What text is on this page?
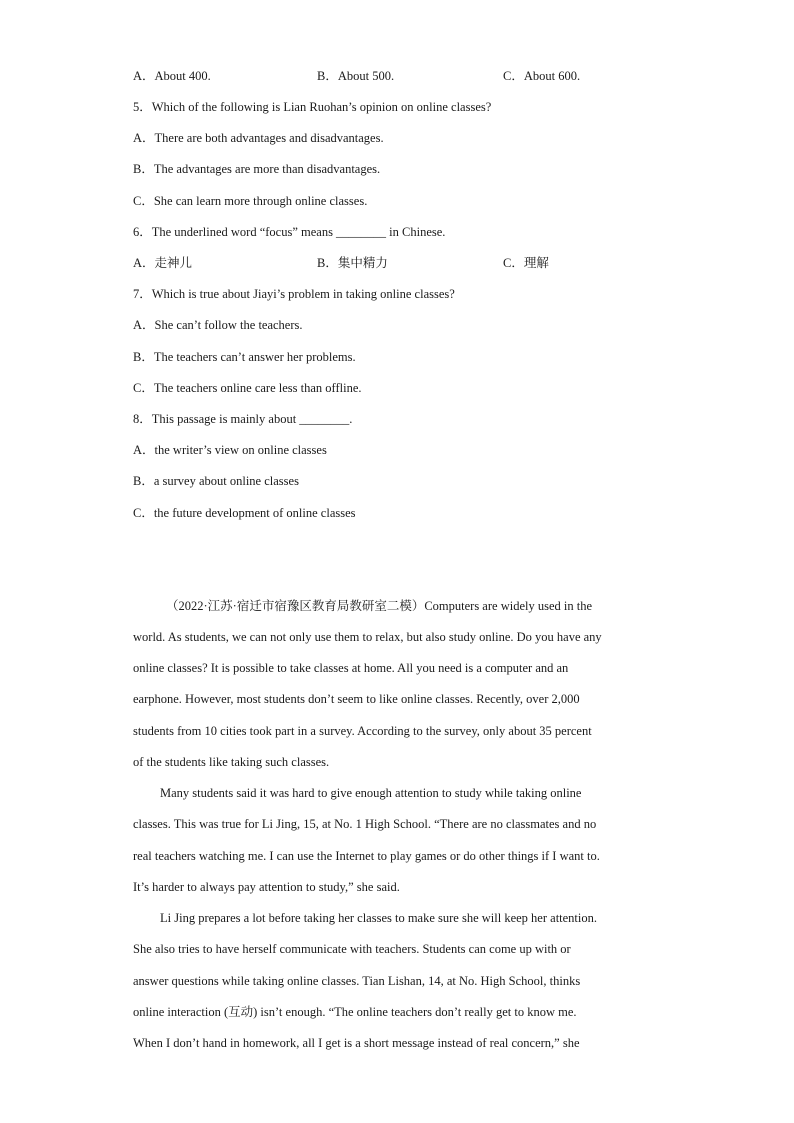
A．About 400.	B．About 500.	C．About 600.
5．Which of the following is Lian Ruohan’s opinion on online classes?
A．There are both advantages and disadvantages.
B．The advantages are more than disadvantages.
C．She can learn more through online classes.
6．The underlined word “focus” means ________ in Chinese.
A．走神儿	B．集中精力	C．理解
7．Which is true about Jiayi’s problem in taking online classes?
A．She can’t follow the teachers.
B．The teachers can’t answer her problems.
C．The teachers online care less than offline.
8．This passage is mainly about ________.
A．the writer’s view on online classes
B．a survey about online classes
C．the future development of online classes
（2022·江苏·宿迁市宿豫区教育局教研室二模）Computers are widely used in the
world. As students, we can not only use them to relax, but also study online. Do you have any
online classes? It is possible to take classes at home. All you need is a computer and an
earphone. However, most students don’t seem to like online classes. Recently, over 2,000
students from 10 cities took part in a survey. According to the survey, only about 35 percent
of the students like taking such classes.
Many students said it was hard to give enough attention to study while taking online
classes. This was true for Li Jing, 15, at No. 1 High School. “There are no classmates and no
real teachers watching me. I can use the Internet to play games or do other things if I want to.
It’s harder to always pay attention to study,” she said.
Li Jing prepares a lot before taking her classes to make sure she will keep her attention.
She also tries to have herself communicate with teachers. Students can come up with or
answer questions while taking online classes. Tian Lishan, 14, at No. High School, thinks
online interaction (互动) isn’t enough. “The online teachers don’t really get to know me.
When I don’t hand in homework, all I get is a short message instead of real concern,” she
